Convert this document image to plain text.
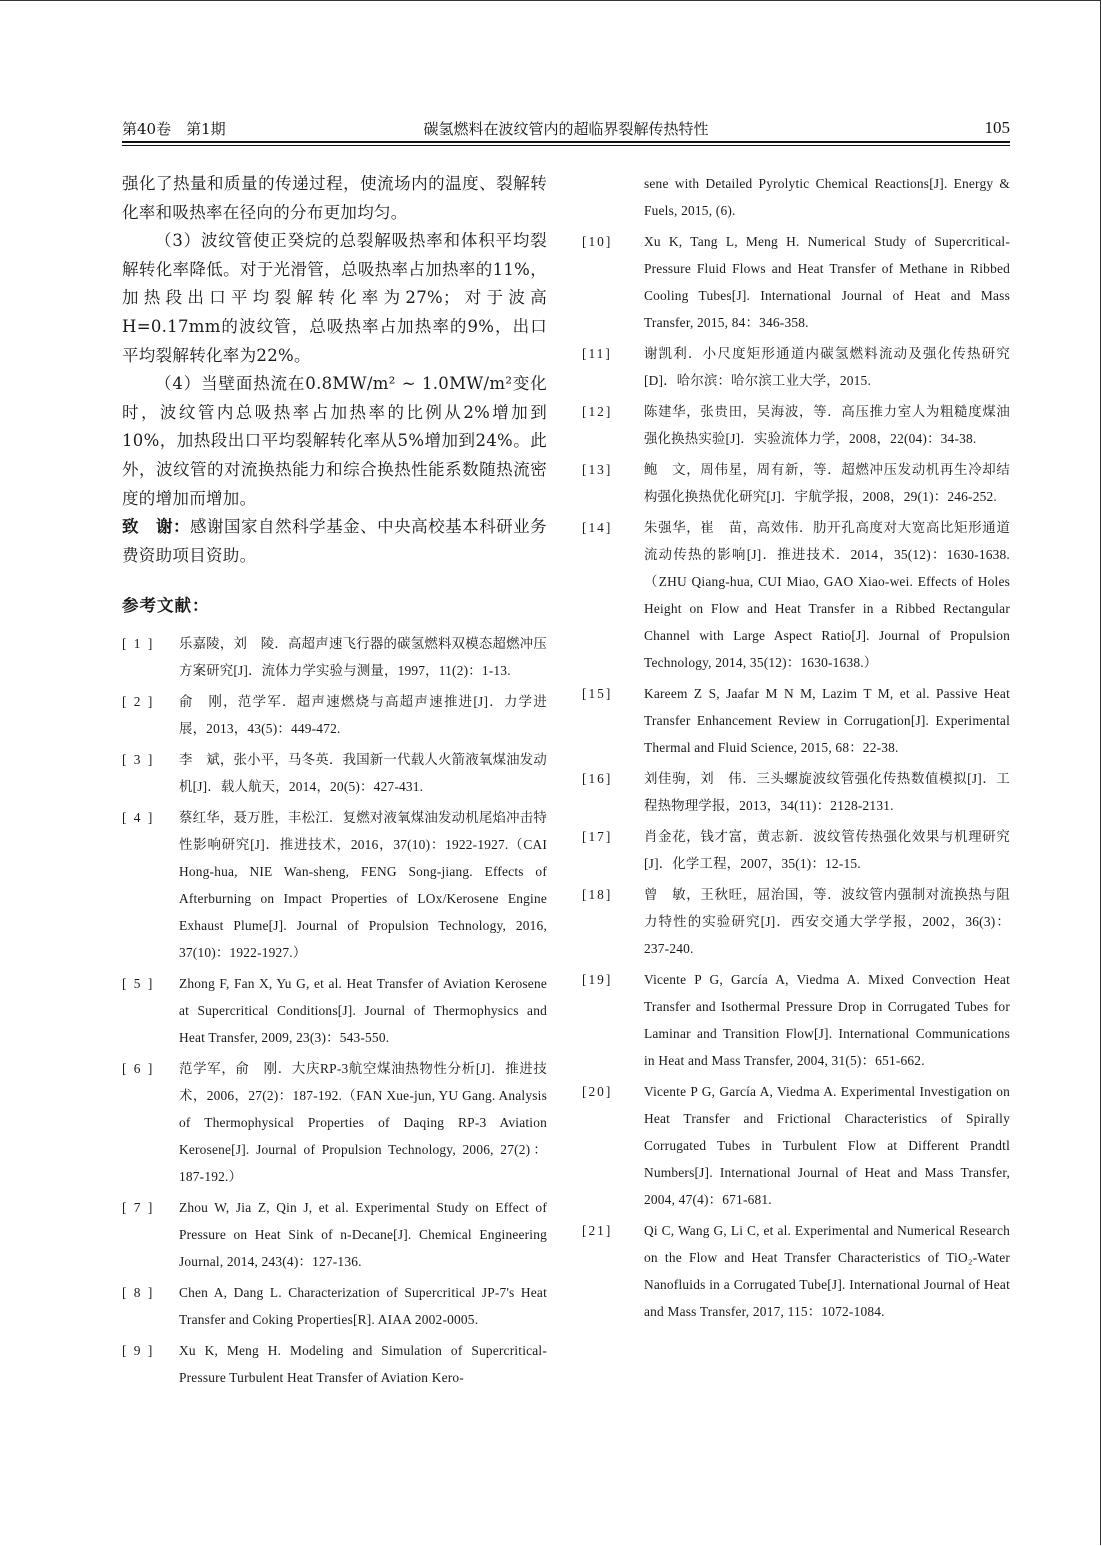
第40卷　第1期	碳氢燃料在波纹管内的超临界裂解传热特性	105

强化了热量和质量的传递过程，使流场内的温度、裂解转化率和吸热率在径向的分布更加均匀。

（3）波纹管使正癸烷的总裂解吸热率和体积平均裂解转化率降低。对于光滑管，总吸热率占加热率的11%，加热段出口平均裂解转化率为27%；对于波高H=0.17mm的波纹管，总吸热率占加热率的9%，出口平均裂解转化率为22%。

（4）当壁面热流在0.8MW/m² ~ 1.0MW/m²变化时，波纹管内总吸热率占加热率的比例从2%增加到10%，加热段出口平均裂解转化率从5%增加到24%。此外，波纹管的对流换热能力和综合换热性能系数随热流密度的增加而增加。

致　谢：感谢国家自然科学基金、中央高校基本科研业务费资助项目资助。

参考文献：
[ 1 ]	乐嘉陵，刘　陵．高超声速飞行器的碳氢燃料双模态超燃冲压方案研究[J]．流体力学实验与测量，1997，11(2)：1-13.
[ 2 ]	俞　刚，范学军．超声速燃烧与高超声速推进[J]．力学进展，2013，43(5)：449-472.
[ 3 ]	李　斌，张小平，马冬英．我国新一代载人火箭液氧煤油发动机[J]．载人航天，2014，20(5)：427-431.
[ 4 ]	蔡红华，聂万胜，丰松江．复燃对液氧煤油发动机尾焰冲击特性影响研究[J]．推进技术，2016，37(10)：1922-1927.（CAI Hong-hua, NIE Wan-sheng, FENG Song-jiang. Effects of Afterburning on Impact Properties of LOx/Kerosene Engine Exhaust Plume[J]. Journal of Propulsion Technology, 2016, 37(10)：1922-1927.）
[ 5 ]	Zhong F, Fan X, Yu G, et al. Heat Transfer of Aviation Kerosene at Supercritical Conditions[J]. Journal of Thermophysics and Heat Transfer, 2009, 23(3)：543-550.
[ 6 ]	范学军，俞　刚．大庆RP-3航空煤油热物性分析[J]．推进技术，2006，27(2)：187-192.（FAN Xue-jun, YU Gang. Analysis of Thermophysical Properties of Daqing RP-3 Aviation Kerosene[J]. Journal of Propulsion Technology, 2006, 27(2)：187-192.）
[ 7 ]	Zhou W, Jia Z, Qin J, et al. Experimental Study on Effect of Pressure on Heat Sink of n-Decane[J]. Chemical Engineering Journal, 2014, 243(4)：127-136.
[ 8 ]	Chen A, Dang L. Characterization of Supercritical JP-7's Heat Transfer and Coking Properties[R]. AIAA 2002-0005.
[ 9 ]	Xu K, Meng H. Modeling and Simulation of Supercritical-Pressure Turbulent Heat Transfer of Aviation Kero-
sene with Detailed Pyrolytic Chemical Reactions[J]. Energy & Fuels, 2015, (6).
[10]	Xu K, Tang L, Meng H. Numerical Study of Supercritical-Pressure Fluid Flows and Heat Transfer of Methane in Ribbed Cooling Tubes[J]. International Journal of Heat and Mass Transfer, 2015, 84：346-358.
[11]	谢凯利．小尺度矩形通道内碳氢燃料流动及强化传热研究[D]．哈尔滨：哈尔滨工业大学，2015.
[12]	陈建华，张贵田，吴海波，等．高压推力室人为粗糙度煤油强化换热实验[J]．实验流体力学，2008，22(04)：34-38.
[13]	鲍　文，周伟星，周有新，等．超燃冲压发动机再生冷却结构强化换热优化研究[J]．宇航学报，2008，29(1)：246-252.
[14]	朱强华，崔　苗，高效伟．肋开孔高度对大宽高比矩形通道流动传热的影响[J]．推进技术．2014，35(12)：1630-1638.（ZHU Qiang-hua, CUI Miao, GAO Xiao-wei. Effects of Holes Height on Flow and Heat Transfer in a Ribbed Rectangular Channel with Large Aspect Ratio[J]. Journal of Propulsion Technology, 2014, 35(12)：1630-1638.）
[15]	Kareem Z S, Jaafar M N M, Lazim T M, et al. Passive Heat Transfer Enhancement Review in Corrugation[J]. Experimental Thermal and Fluid Science, 2015, 68：22-38.
[16]	刘佳驹，刘　伟．三头螺旋波纹管强化传热数值模拟[J]．工程热物理学报，2013，34(11)：2128-2131.
[17]	肖金花，钱才富，黄志新．波纹管传热强化效果与机理研究[J]．化学工程，2007，35(1)：12-15.
[18]	曾　敏，王秋旺，屈治国，等．波纹管内强制对流换热与阻力特性的实验研究[J]．西安交通大学学报，2002，36(3)：237-240.
[19]	Vicente P G, García A, Viedma A. Mixed Convection Heat Transfer and Isothermal Pressure Drop in Corrugated Tubes for Laminar and Transition Flow[J]. International Communications in Heat and Mass Transfer, 2004, 31(5)：651-662.
[20]	Vicente P G, García A, Viedma A. Experimental Investigation on Heat Transfer and Frictional Characteristics of Spirally Corrugated Tubes in Turbulent Flow at Different Prandtl Numbers[J]. International Journal of Heat and Mass Transfer, 2004, 47(4)：671-681.
[21]	Qi C, Wang G, Li C, et al. Experimental and Numerical Research on the Flow and Heat Transfer Characteristics of TiO₂-Water Nanofluids in a Corrugated Tube[J]. International Journal of Heat and Mass Transfer, 2017, 115：1072-1084.
